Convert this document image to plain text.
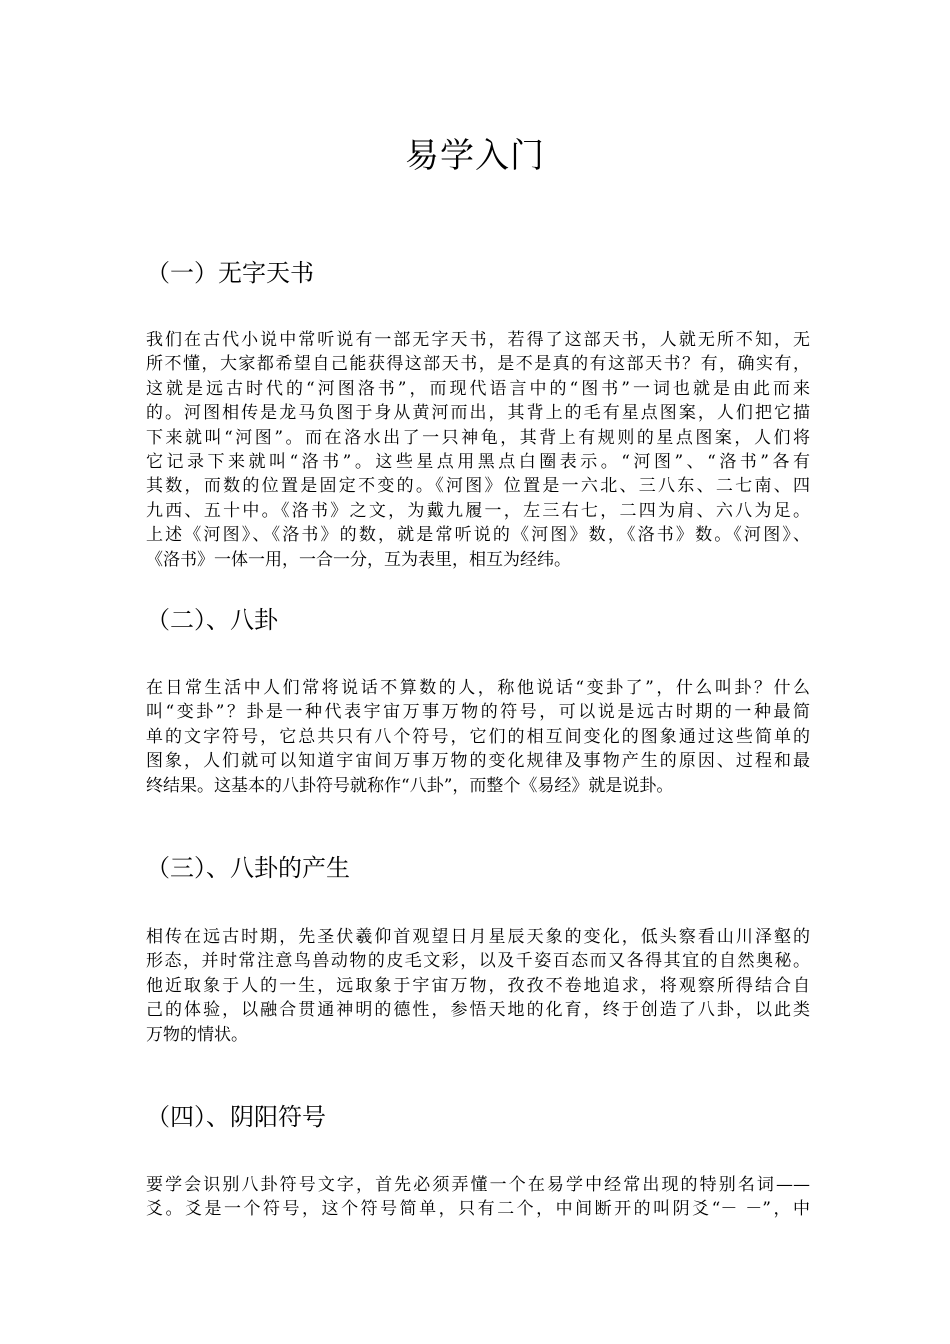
易学入门
（一）无字天书
我们在古代小说中常听说有一部无字天书，若得了这部天书，人就无所不知，无
所不懂，大家都希望自己能获得这部天书，是不是真的有这部天书？有，确实有，
这就是远古时代的“河图洛书”，而现代语言中的“图书”一词也就是由此而来
的。河图相传是龙马负图于身从黄河而出，其背上的毛有星点图案，人们把它描
下来就叫“河图”。而在洛水出了一只神龟，其背上有规则的星点图案，人们将
它记录下来就叫“洛书”。这些星点用黑点白圈表示。“河图”、“洛书”各有
其数，而数的位置是固定不变的。《河图》位置是一六北、三八东、二七南、四
九西、五十中。《洛书》之文，为戴九履一，左三右七，二四为肩、六八为足。
上述《河图》、《洛书》的数，就是常听说的《河图》数，《洛书》数。《河图》、
《洛书》一体一用，一合一分，互为表里，相互为经纬。
（二）、八卦
在日常生活中人们常将说话不算数的人，称他说话“变卦了”，什么叫卦？什么
叫“变卦”？卦是一种代表宇宙万事万物的符号，可以说是远古时期的一种最简
单的文字符号，它总共只有八个符号，它们的相互间变化的图象通过这些简单的
图象，人们就可以知道宇宙间万事万物的变化规律及事物产生的原因、过程和最
终结果。这基本的八卦符号就称作“八卦”，而整个《易经》就是说卦。
（三）、八卦的产生
相传在远古时期，先圣伏羲仰首观望日月星辰天象的变化，低头察看山川泽壑的
形态，并时常注意鸟兽动物的皮毛文彩，以及千姿百态而又各得其宜的自然奥秘。
他近取象于人的一生，远取象于宇宙万物，孜孜不卷地追求，将观察所得结合自
己的体验，以融合贯通神明的德性，参悟天地的化育，终于创造了八卦，以此类
万物的情状。
（四）、阴阳符号
要学会识别八卦符号文字，首先必须弄懂一个在易学中经常出现的特别名词——
爻。爻是一个符号，这个符号简单，只有二个，中间断开的叫阴爻“－ －”，中
